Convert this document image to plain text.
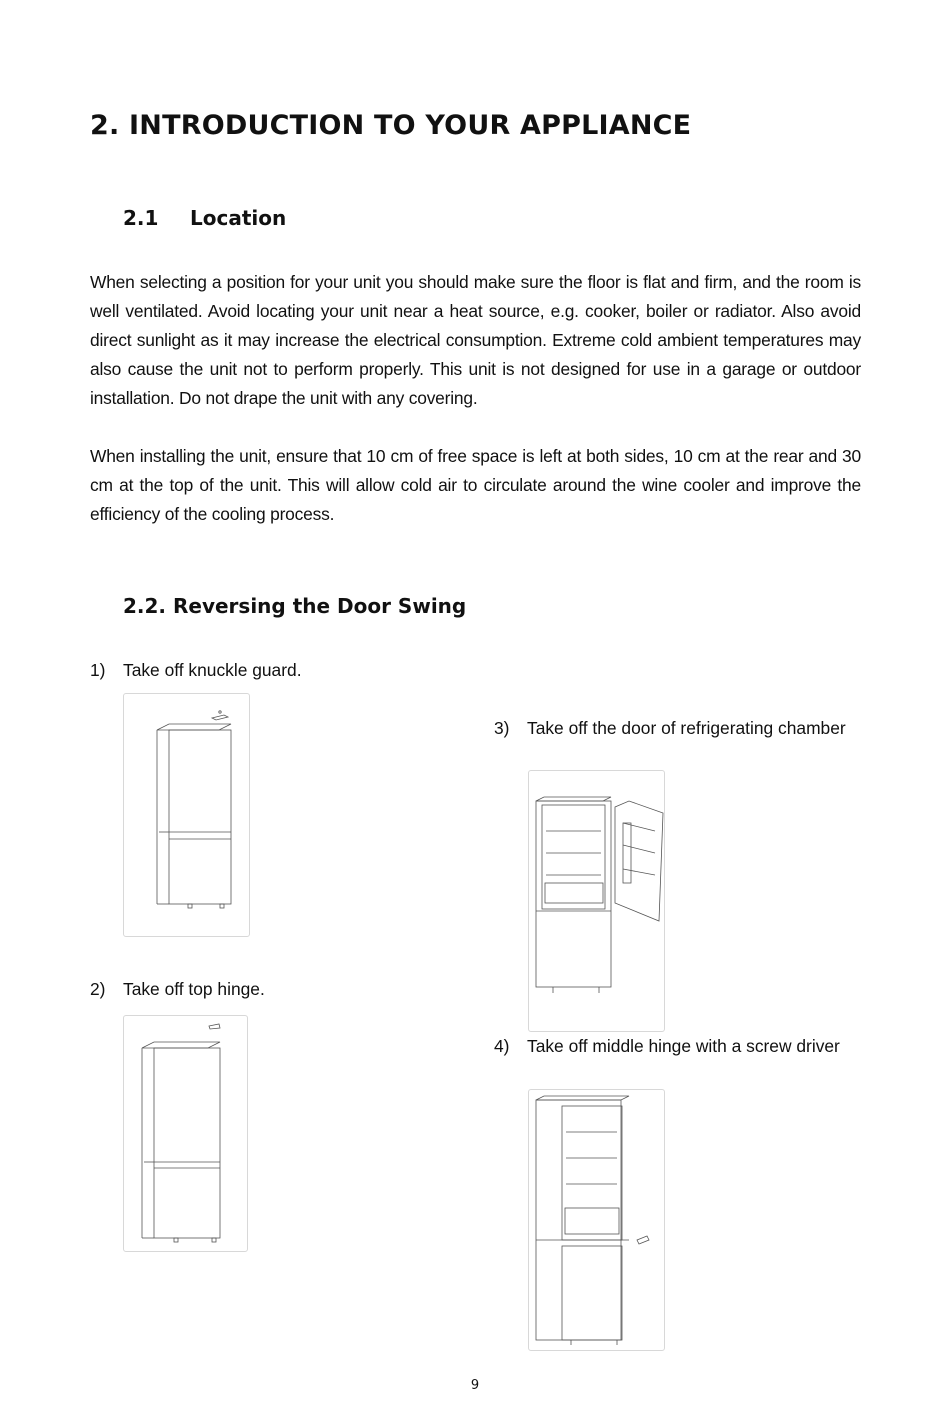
2. INTRODUCTION TO YOUR APPLIANCE
2.1 Location

When selecting a position for your unit you should make sure the floor is flat and firm, and the room is well ventilated. Avoid locating your unit near a heat source, e.g. cooker, boiler or radiator. Also avoid direct sunlight as it may increase the electrical consumption. Extreme cold ambient temperatures may also cause the unit not to perform properly. This unit is not designed for use in a garage or outdoor installation. Do not drape the unit with any covering.

When installing the unit, ensure that 10 cm of free space is left at both sides, 10 cm at the rear and 30 cm at the top of the unit. This will allow cold air to circulate around the wine cooler and improve the efficiency of the cooling process.

2.2. Reversing the Door Swing
1) Take off knuckle guard.
2) Take off top hinge.
3) Take off the door of refrigerating chamber
4) Take off middle hinge with a screw driver
9
